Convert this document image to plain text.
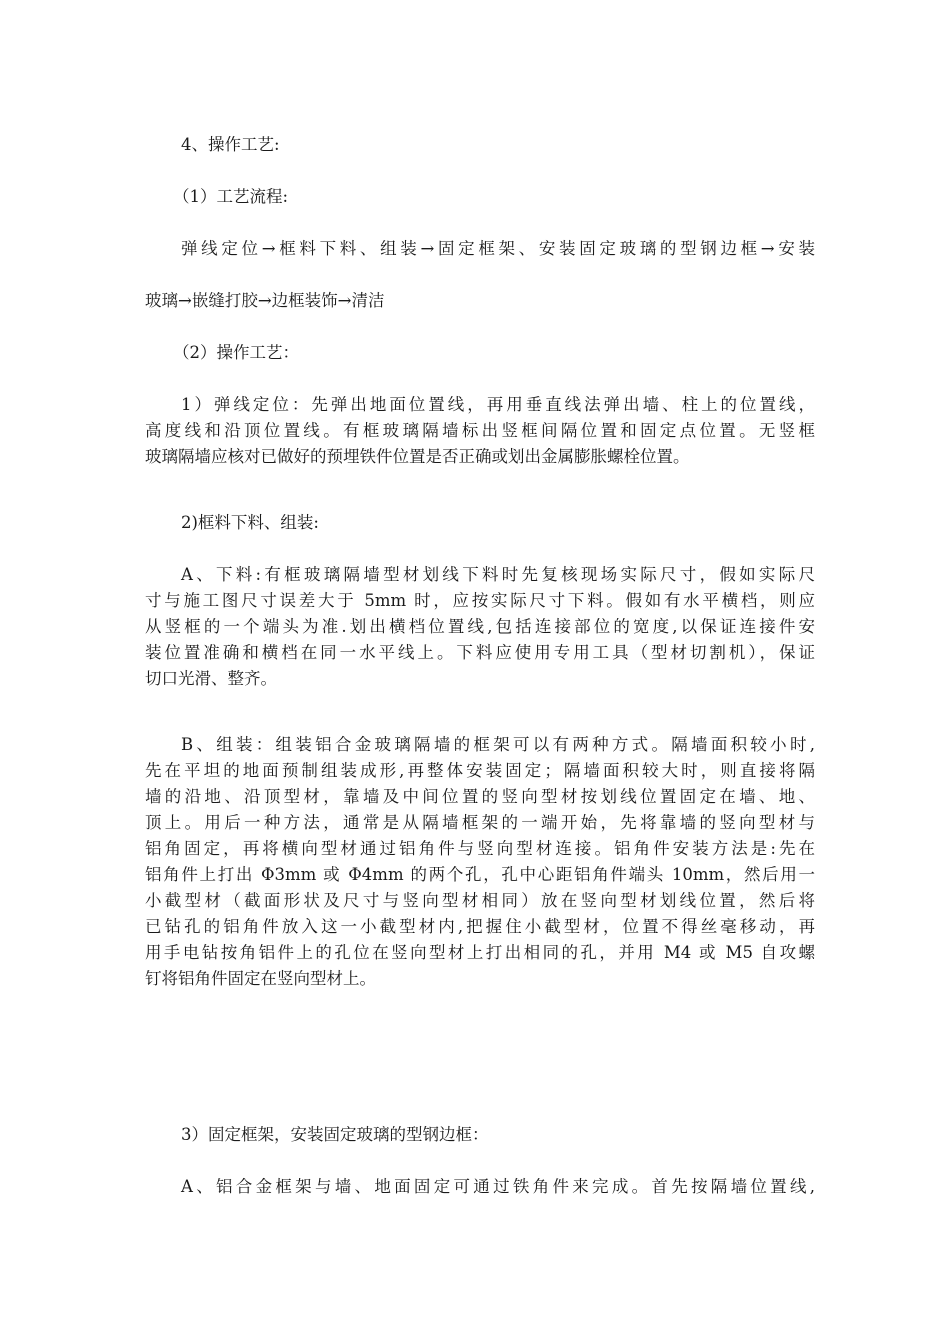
4、操作工艺:

（1）工艺流程:

弹线定位→框料下料、组装→固定框架、安装固定玻璃的型钢边框→安装
玻璃→嵌缝打胶→边框装饰→清洁

（2）操作工艺：

1）弹线定位：先弹出地面位置线，再用垂直线法弹出墙、柱上的位置线，
高度线和沿顶位置线。有框玻璃隔墙标出竖框间隔位置和固定点位置。无竖框
玻璃隔墙应核对已做好的预埋铁件位置是否正确或划出金属膨胀螺栓位置。

2)框料下料、组装:

A、下料:有框玻璃隔墙型材划线下料时先复核现场实际尺寸，假如实际尺
寸与施工图尺寸误差大于 5mm 时，应按实际尺寸下料。假如有水平横档，则应
从竖框的一个端头为准.划出横档位置线,包括连接部位的宽度,以保证连接件安
装位置准确和横档在同一水平线上。下料应使用专用工具（型材切割机），保证
切口光滑、整齐。

B、组装：组装铝合金玻璃隔墙的框架可以有两种方式。隔墙面积较小时,
先在平坦的地面预制组装成形,再整体安装固定；隔墙面积较大时，则直接将隔
墙的沿地、沿顶型材，靠墙及中间位置的竖向型材按划线位置固定在墙、地、
顶上。用后一种方法，通常是从隔墙框架的一端开始，先将靠墙的竖向型材与
铝角固定，再将横向型材通过铝角件与竖向型材连接。铝角件安装方法是:先在
铝角件上打出 Φ3mm 或 Φ4mm 的两个孔，孔中心距铝角件端头 10mm，然后用一
小截型材（截面形状及尺寸与竖向型材相同）放在竖向型材划线位置，然后将
已钻孔的铝角件放入这一小截型材内,把握住小截型材，位置不得丝毫移动，再
用手电钻按角铝件上的孔位在竖向型材上打出相同的孔，并用 M4 或 M5 自攻螺
钉将铝角件固定在竖向型材上。

3）固定框架，安装固定玻璃的型钢边框：

A、铝合金框架与墙、地面固定可通过铁角件来完成。首先按隔墙位置线,
